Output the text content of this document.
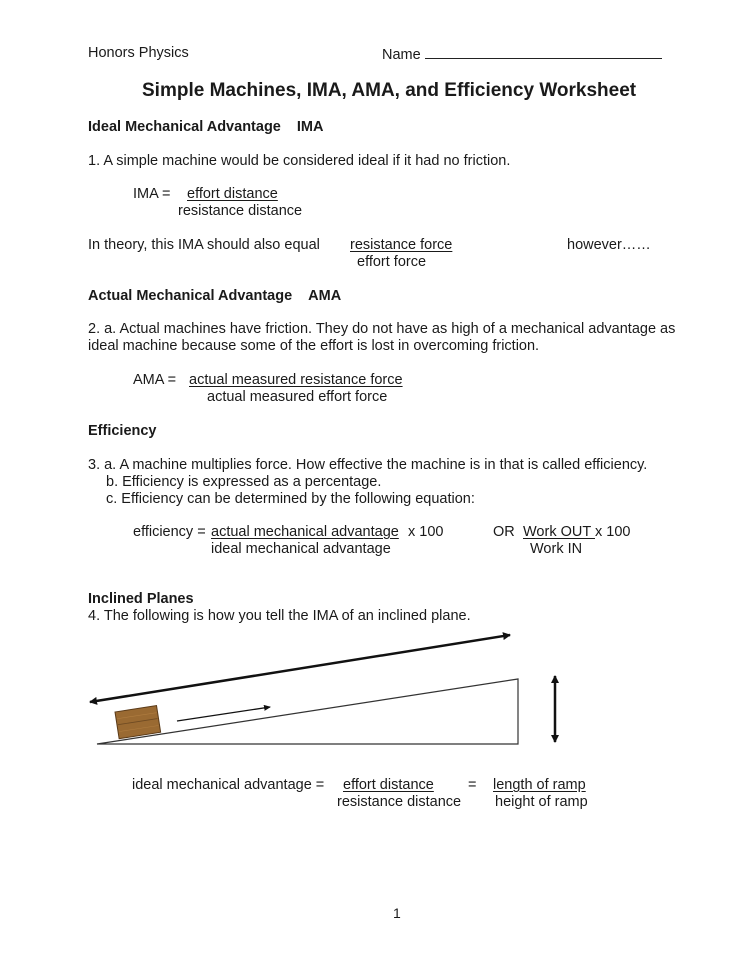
Honors Physics	Name
Simple Machines, IMA, AMA, and Efficiency Worksheet
Ideal Mechanical Advantage IMA
1. A simple machine would be considered ideal if it had no friction.
IMA = effort distance
resistance distance
In theory, this IMA should also equal resistance force
effort force
however……
Actual Mechanical Advantage AMA
2. a. Actual machines have friction. They do not have as high of a mechanical advantage as
ideal machine because some of the effort is lost in overcoming friction.
AMA = actual measured resistance force
actual measured effort force
Efficiency
3. a. A machine multiplies force. How effective the machine is in that is called efficiency.
b. Efficiency is expressed as a percentage.
c. Efficiency can be determined by the following equation:
efficiency = actual mechanical advantage x 100
ideal mechanical advantage
OR Work OUT x 100
Work IN
Inclined Planes
4. The following is how you tell the IMA of an inclined plane.
ideal mechanical advantage = effort distance =
resistance distance
length of ramp
height of ramp
1
